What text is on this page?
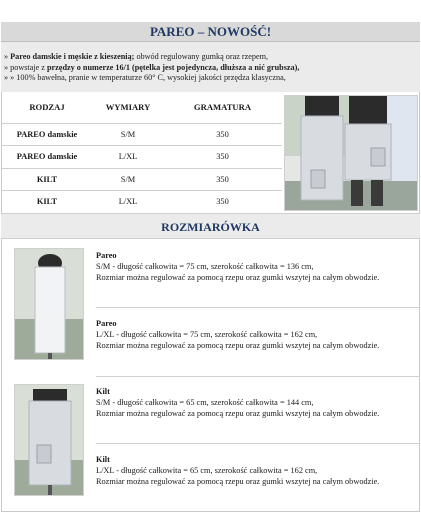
PAREO – NOWOŚĆ!

» Pareo damskie i męskie z kieszenią; obwód regulowany gumką oraz rzepem,

» powstaje z przędzy o numerze 16/1 (pętelka jest pojedyncza, dłuższa a nić grubsza),

» » 100% bawełna, pranie w temperaturze 60° C, wysokiej jakości przędza klasyczna,

RODZAJ	WYMIARY	GRAMATURA
PAREO damskie	S/M	350
PAREO damskie	L/XL	350
KILT	S/M	350
KILT	L/XL	350
ROZMIARÓWKA
Pareo
S/M - długość całkowita = 75 cm, szerokość całkowita = 136 cm,
Rozmiar można regulować za pomocą rzepu oraz gumki wszytej na całym obwodzie.
Pareo
L/XL - długość całkowita = 75 cm, szerokość całkowita = 162 cm,
Rozmiar można regulować za pomocą rzepu oraz gumki wszytej na całym obwodzie.
Kilt
S/M - długość całkowita = 65 cm, szerokość całkowita = 144 cm,
Rozmiar można regulować za pomocą rzepu oraz gumki wszytej na całym obwodzie.
Kilt
L/XL - długość całkowita = 65 cm, szerokość całkowita = 162 cm,
Rozmiar można regulować za pomocą rzepu oraz gumki wszytej na całym obwodzie.
